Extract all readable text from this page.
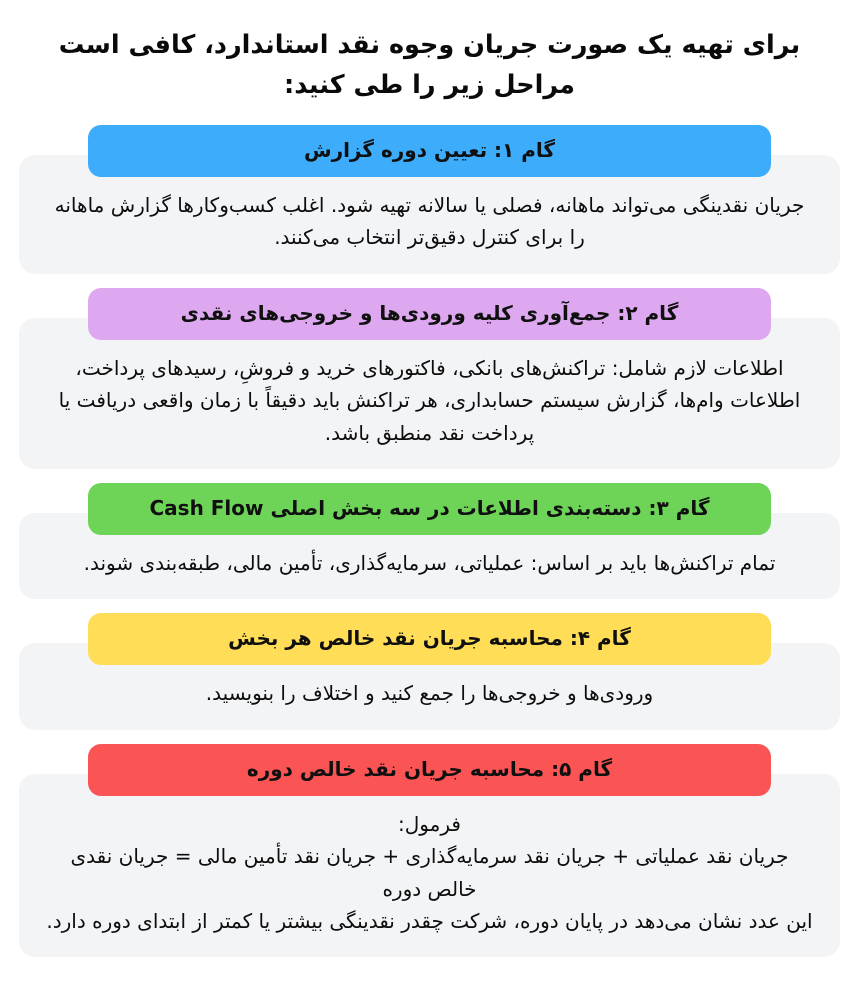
برای تهیه یک صورت جریان وجوه نقد استاندارد، کافی است مراحل زیر را طی کنید:
گام ۱: تعیین دوره گزارش

جریان نقدینگی می‌تواند ماهانه، فصلی یا سالانه تهیه شود. اغلب کسب‌وکارها گزارش ماهانه را برای کنترل دقیق‌تر انتخاب می‌کنند.

گام ۲: جمع‌آوری کلیه ورودی‌ها و خروجی‌های نقدی

اطلاعات لازم شامل: تراکنش‌های بانکی، فاکتورهای خرید و فروشِ، رسیدهای پرداخت، اطلاعات وام‌ها، گزارش سیستم حسابداری، هر تراکنش باید دقیقاً با زمان واقعی دریافت یا پرداخت نقد منطبق باشد.

گام ۳: دسته‌بندی اطلاعات در سه بخش اصلی Cash Flow

تمام تراکنش‌ها باید بر اساس: عملیاتی، سرمایه‌گذاری، تأمین مالی، طبقه‌بندی شوند.

گام ۴: محاسبه جریان نقد خالص هر بخش

ورودی‌ها و خروجی‌ها را جمع کنید و اختلاف را بنویسید.

گام ۵: محاسبه جریان نقد خالص دوره

فرمول:

جریان نقد عملیاتی + جریان نقد سرمایه‌گذاری + جریان نقد تأمین مالی = جریان نقدی خالص دوره

این عدد نشان می‌دهد در پایان دوره، شرکت چقدر نقدینگی بیشتر یا کمتر از ابتدای دوره دارد.
